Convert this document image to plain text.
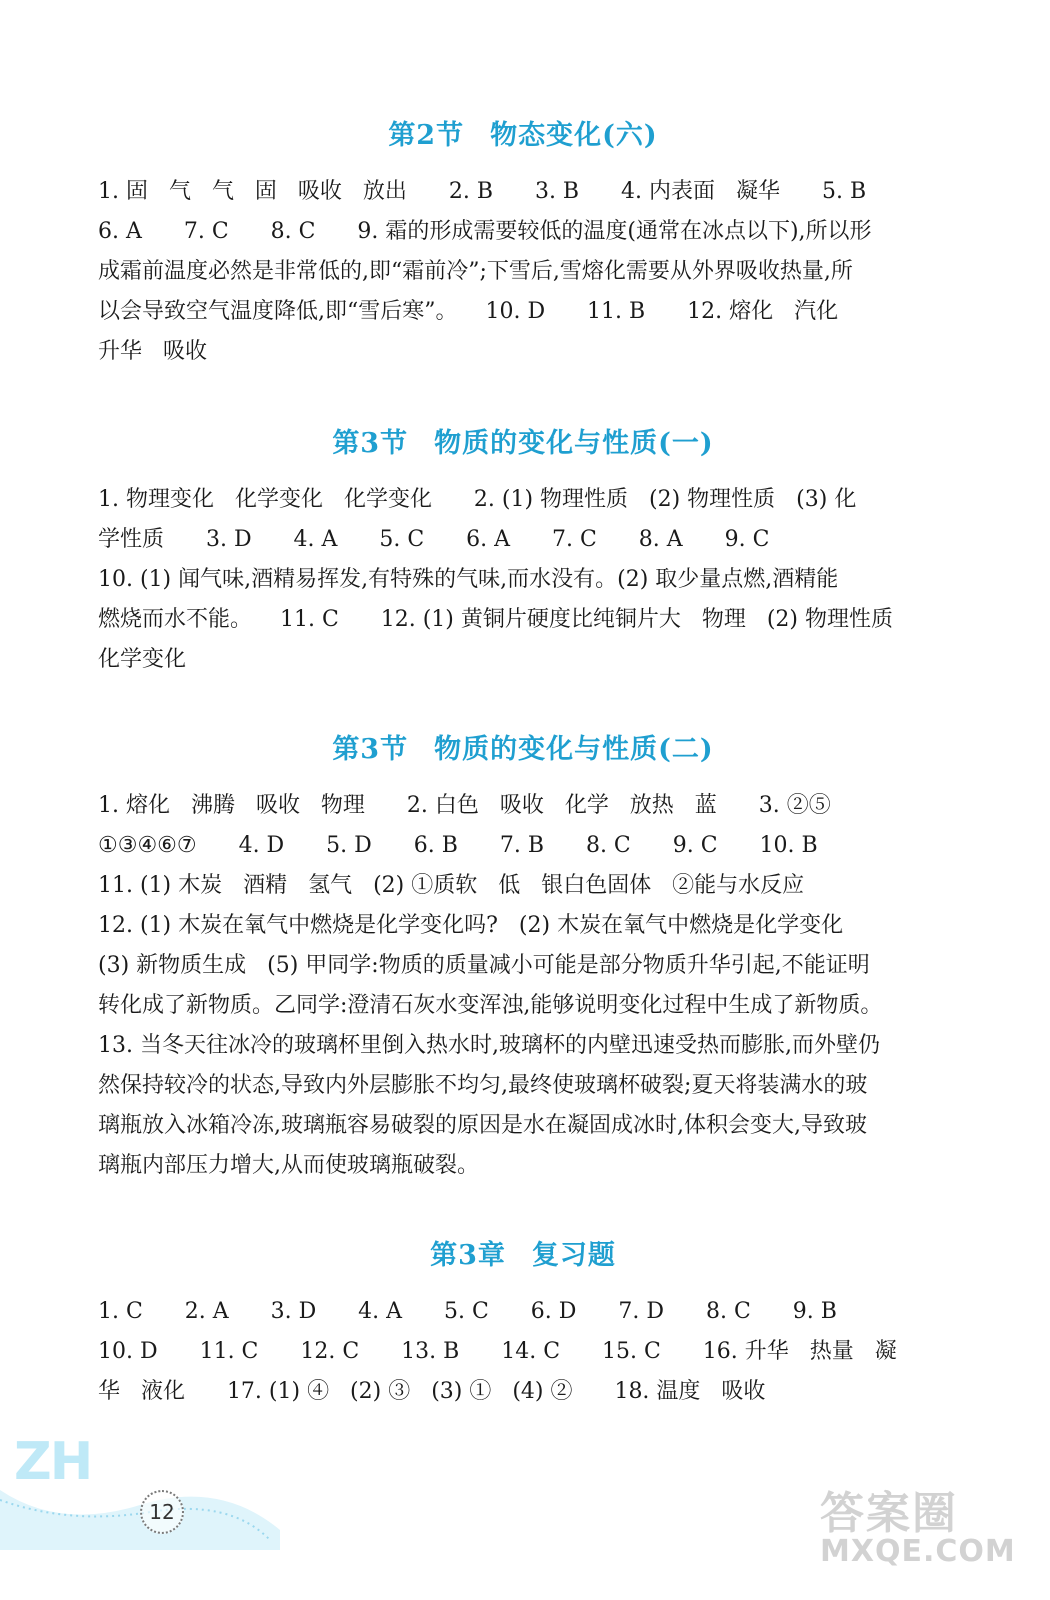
第2节 物态变化(六)
1. 固   气   气   固   吸收   放出      2. B      3. B      4. 内表面   凝华      5. B
6. A      7. C      8. C      9. 霜的形成需要较低的温度(通常在冰点以下),所以形
成霜前温度必然是非常低的,即“霜前冷”;下雪后,雪熔化需要从外界吸收热量,所
以会导致空气温度降低,即“雪后寒”。    10. D      11. B      12. 熔化   汽化
升华   吸收
第3节 物质的变化与性质(一)
1. 物理变化   化学变化   化学变化      2. (1) 物理性质   (2) 物理性质   (3) 化
学性质      3. D      4. A      5. C      6. A      7. C      8. A      9. C
10. (1) 闻气味,酒精易挥发,有特殊的气味,而水没有。(2) 取少量点燃,酒精能
燃烧而水不能。    11. C      12. (1) 黄铜片硬度比纯铜片大   物理   (2) 物理性质
化学变化
第3节 物质的变化与性质(二)
1. 熔化   沸腾   吸收   物理      2. 白色   吸收   化学   放热   蓝      3. ②⑤
①③④⑥⑦      4. D      5. D      6. B      7. B      8. C      9. C      10. B
11. (1) 木炭   酒精   氢气   (2) ①质软   低   银白色固体   ②能与水反应
12. (1) 木炭在氧气中燃烧是化学变化吗?   (2) 木炭在氧气中燃烧是化学变化
(3) 新物质生成   (5) 甲同学:物质的质量减小可能是部分物质升华引起,不能证明
转化成了新物质。乙同学:澄清石灰水变浑浊,能够说明变化过程中生成了新物质。
13. 当冬天往冰冷的玻璃杯里倒入热水时,玻璃杯的内壁迅速受热而膨胀,而外壁仍
然保持较冷的状态,导致内外层膨胀不均匀,最终使玻璃杯破裂;夏天将装满水的玻
璃瓶放入冰箱冷冻,玻璃瓶容易破裂的原因是水在凝固成冰时,体积会变大,导致玻
璃瓶内部压力增大,从而使玻璃瓶破裂。
第3章 复习题
1. C      2. A      3. D      4. A      5. C      6. D      7. D      8. C      9. B
10. D      11. C      12. C      13. B      14. C      15. C      16. 升华   热量   凝
华   液化      17. (1) ④   (2) ③   (3) ①   (4) ②      18. 温度   吸收
ZH
12	答案圈
MXQE.COM
